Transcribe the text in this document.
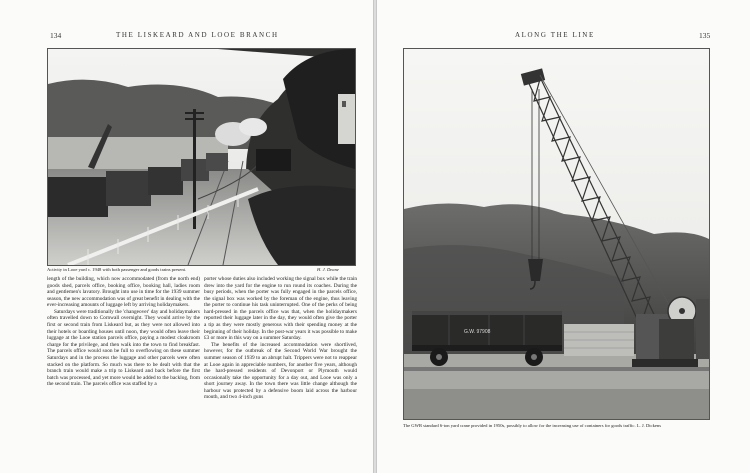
134	THE LISKEARD AND LOOE BRANCH
Activity in Looe yard c. 1948 with both passenger and goods trains present.	H. J. Deane

length of the building, which now accommodated (from the north end) goods shed, parcels office, booking office, booking hall, ladies room and gentlemen's lavatory. Brought into use in time for the 1939 summer season, the new accommodation was of great benefit in dealing with the ever-increasing amounts of luggage left by arriving holidaymakers.

Saturdays were traditionally the 'changeover' day and holidaymakers often travelled down to Cornwall overnight. They would arrive by the first or second train from Liskeard but, as they were not allowed into their hotels or boarding houses until noon, they would often leave their luggage at the Looe station parcels office, paying a modest cloakroom charge for the privilege, and then walk into the town to find breakfast. The parcels office would soon be full to overflowing on these summer Saturdays and in the process the luggage and other parcels were often stacked on the platform. So much was there to be dealt with that the branch train would make a trip to Liskeard and back before the first batch was processed, and yet more would be added to the backlog, from the second train. The parcels office was staffed by a

porter whose duties also included working the signal box while the train drew into the yard for the engine to run round its coaches. During the busy periods, when the porter was fully engaged in the parcels office, the signal box was worked by the foreman of the engine, thus leaving the porter to continue his task uninterrupted. One of the perks of being hard-pressed in the parcels office was that, when the holidaymakers reported their luggage later in the day, they would often give the porter a tip as they were mostly generous with their spending money at the beginning of their holiday. In the post-war years it was possible to make £3 or more in this way on a summer Saturday.

The benefits of the increased accommodation were shortlived, however, for the outbreak of the Second World War brought the summer season of 1939 to an abrupt halt. Trippers were not to reappear at Looe again in appreciable numbers, for another five years, although the hard-pressed residents of Devonport or Plymouth would occasionally take the opportunity for a day out, and Looe was only a short journey away. In the town there was little change although the harbour was protected by a defensive boom laid across the harbour mouth, and two 4-inch guns

ALONG THE LINE	135
G.W. 97908
The GWR standard 6-ton yard crane provided in 1950s, possibly to allow for the increasing use of containers for goods traffic. L. J. Dickens
